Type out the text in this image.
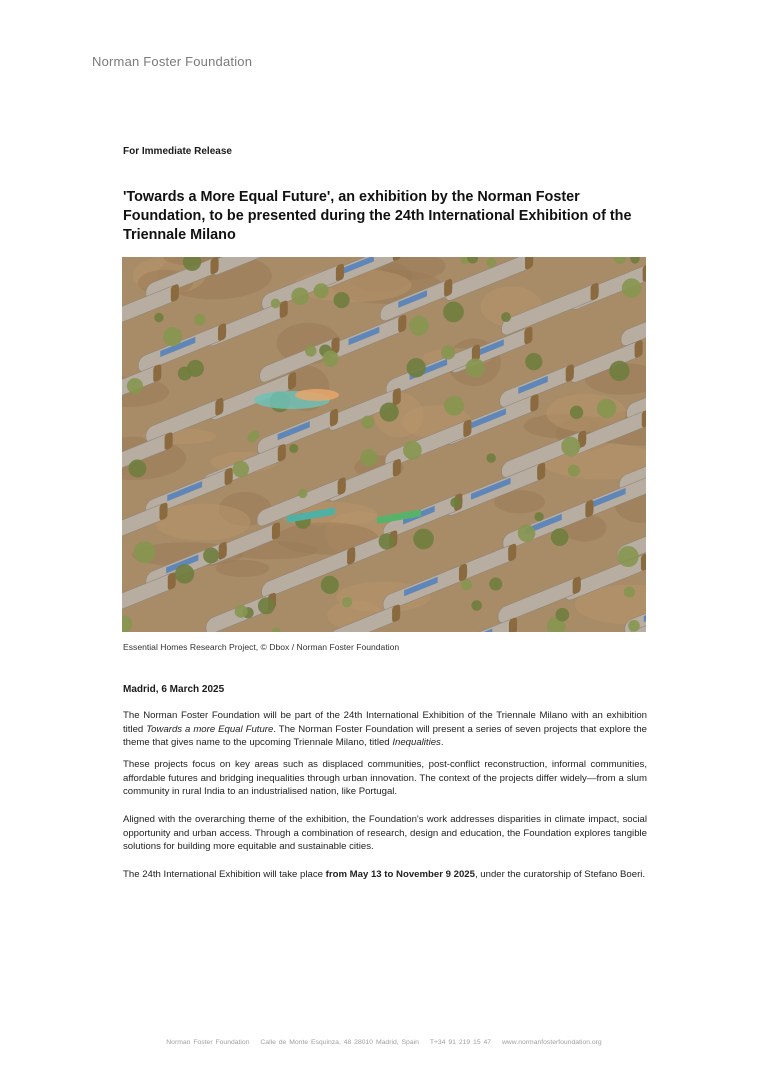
Norman Foster Foundation
For Immediate Release
'Towards a More Equal Future', an exhibition by the Norman Foster Foundation, to be presented during the 24th International Exhibition of the Triennale Milano
Essential Homes Research Project, © Dbox / Norman Foster Foundation
Madrid, 6 March 2025
The Norman Foster Foundation will be part of the 24th International Exhibition of the Triennale Milano with an exhibition titled Towards a more Equal Future. The Norman Foster Foundation will present a series of seven projects that explore the theme that gives name to the upcoming Triennale Milano, titled Inequalities.
These projects focus on key areas such as displaced communities, post-conflict reconstruction, informal communities, affordable futures and bridging inequalities through urban innovation. The context of the projects differ widely—from a slum community in rural India to an industrialised nation, like Portugal.
Aligned with the overarching theme of the exhibition, the Foundation's work addresses disparities in climate impact, social opportunity and urban access. Through a combination of research, design and education, the Foundation explores tangible solutions for building more equitable and sustainable cities.
The 24th International Exhibition will take place from May 13 to November 9 2025, under the curatorship of Stefano Boeri.
Norman Foster Foundation Calle de Monte Esquinza, 48 28010 Madrid, Spain T+34 91 219 15 47 www.normanfosterfoundation.org
